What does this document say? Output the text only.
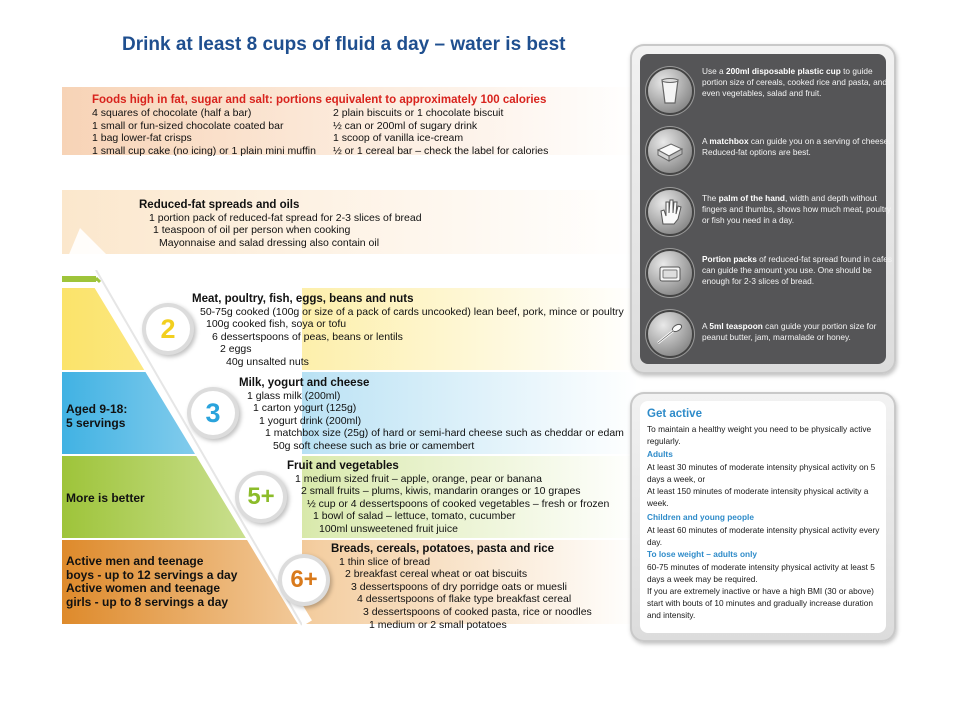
Drink at least 8 cups of fluid a day – water is best
Foods high in fat, sugar and salt: portions equivalent to approximately 100 calories
4 squares of chocolate (half a bar)
1 small or fun-sized chocolate coated bar
1 bag lower-fat crisps
1 small cup cake (no icing) or 1 plain mini muffin
2 plain biscuits or 1 chocolate biscuit
½ can or 200ml of sugary drink
1 scoop of vanilla ice-cream
½ or 1 cereal bar – check the label for calories
Reduced-fat spreads and oils
1 portion pack of reduced-fat spread for 2-3 slices of bread
1 teaspoon of oil per person when cooking
Mayonnaise and salad dressing also contain oil
2
Meat, poultry, fish, eggs, beans and nuts
50-75g cooked (100g or size of a pack of cards uncooked) lean beef, pork, mince or poultry
100g cooked fish, soya or tofu
6 dessertspoons of peas, beans or lentils
2 eggs
40g unsalted nuts
Aged 9-18:
5 servings	3
Milk, yogurt and cheese
1 glass milk (200ml)
1 carton yogurt (125g)
1 yogurt drink (200ml)
1 matchbox size (25g) of hard or semi-hard cheese such as cheddar or edam
50g soft cheese such as brie or camembert
More is better	5+
Fruit and vegetables
1 medium sized fruit – apple, orange, pear or banana
2 small fruits – plums, kiwis, mandarin oranges or 10 grapes
½ cup or 4 dessertspoons of cooked vegetables – fresh or frozen
1 bowl of salad – lettuce, tomato, cucumber
100ml unsweetened fruit juice
Active men and teenage
boys - up to 12 servings a day
Active women and teenage
girls - up to 8 servings a day
6+
Breads, cereals, potatoes, pasta and rice
1 thin slice of bread
2 breakfast cereal wheat or oat biscuits
3 dessertspoons of dry porridge oats or muesli
4 dessertspoons of flake type breakfast cereal
3 dessertspoons of cooked pasta, rice or noodles
1 medium or 2 small potatoes
Use a 200ml disposable plastic cup to guide portion size of cereals, cooked rice and pasta, and even vegetables, salad and fruit.
A matchbox can guide you on a serving of cheese. Reduced-fat options are best.
The palm of the hand, width and depth without fingers and thumbs, shows how much meat, poultry or fish you need in a day.
Portion packs of reduced-fat spread found in cafes can guide the amount you use. One should be enough for 2-3 slices of bread.
A 5ml teaspoon can guide your portion size for peanut butter, jam, marmalade or honey.
Get active
To maintain a healthy weight you need to be physically active regularly.
Adults
At least 30 minutes of moderate intensity physical activity on 5 days a week, or
At least 150 minutes of moderate intensity physical activity a week.
Children and young people
At least 60 minutes of moderate intensity physical activity every day.
To lose weight – adults only
60-75 minutes of moderate intensity physical activity at least 5 days a week may be required.
If you are extremely inactive or have a high BMI (30 or above) start with bouts of 10 minutes and gradually increase duration and intensity.
